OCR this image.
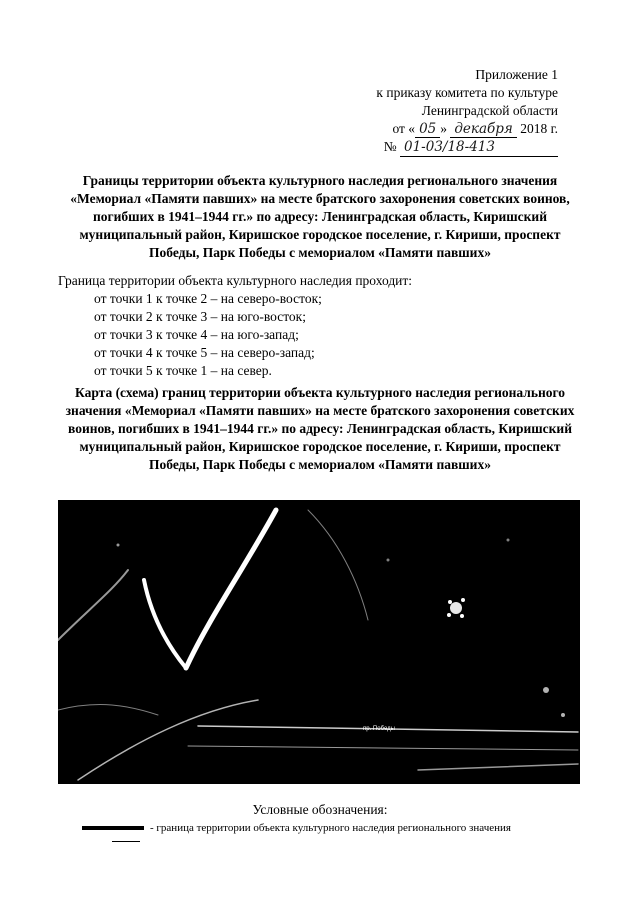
Приложение 1
к приказу комитета по культуре
Ленинградской области
от « 05 » декабря 2018 г.
№ 01-03/18-413
Границы территории объекта культурного наследия регионального значения «Мемориал «Памяти павших» на месте братского захоронения советских воинов, погибших в 1941–1944 гг.» по адресу: Ленинградская область, Киришский муниципальный район, Киришское городское поселение, г. Кириши, проспект Победы, Парк Победы с мемориалом «Памяти павших»
Граница территории объекта культурного наследия проходит:
от точки 1 к точке 2 – на северо-восток;
от точки 2 к точке 3 – на юго-восток;
от точки 3 к точке 4 – на юго-запад;
от точки 4 к точке 5 – на северо-запад;
от точки 5 к точке 1 – на север.
Карта (схема) границ территории объекта культурного наследия регионального значения «Мемориал «Памяти павших» на месте братского захоронения советских воинов, погибших в 1941–1944 гг.» по адресу: Ленинградская область, Киришский муниципальный район, Киришское городское поселение, г. Кириши, проспект Победы, Парк Победы с мемориалом «Памяти павших»
пр. Победы
Условные обозначения:
- граница территории объекта культурного наследия регионального значения
